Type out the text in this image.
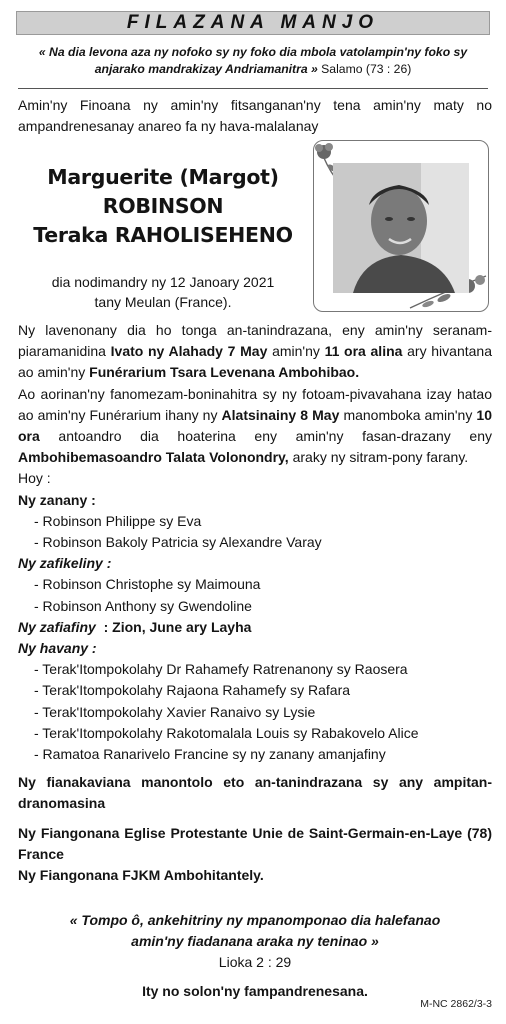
FILAZANA MANJO
« Na dia levona aza ny nofoko sy ny foko dia mbola vatolampin'ny foko sy anjarako mandrakizay Andriamanitra » Salamo (73 : 26)
Amin'ny Finoana ny amin'ny fitsanganan'ny tena amin'ny maty no ampandrenesanay anareo fa ny hava-malalanay
Marguerite (Margot)
ROBINSON
Teraka RAHOLISEHENO
dia nodimandry ny 12 Janoary 2021
tany Meulan (France).

Ny lavenonany dia ho tonga an-tanindrazana, eny amin'ny seranam-piaramanidina Ivato ny Alahady 7 May amin'ny 11 ora alina ary hivantana ao amin'ny Funérarium Tsara Levenana Ambohibao.

Ao aorinan'ny fanomezam-boninahitra sy ny fotoam-pivavahana izay hatao ao amin'ny Funérarium ihany ny Alatsinainy 8 May manomboka amin'ny 10 ora antoandro dia hoaterina eny amin'ny fasan-drazany eny Ambohibemasoandro Talata Volonondry, araky ny sitram-pony farany.

Hoy :

Ny zanany :

- Robinson Philippe sy Eva

- Robinson Bakoly Patricia sy Alexandre Varay

Ny zafikeliny :

- Robinson Christophe sy Maimouna

- Robinson Anthony sy Gwendoline

Ny zafiafiny  : Zion, June ary Layha

Ny havany :

- Terak'Itompokolahy Dr Rahamefy Ratrenanony sy Raosera

- Terak'Itompokolahy Rajaona Rahamefy sy Rafara

- Terak'Itompokolahy Xavier Ranaivo sy Lysie

- Terak'Itompokolahy Rakotomalala Louis sy Rabakovelo Alice

- Ramatoa Ranarivelo Francine sy ny zanany amanjafiny

Ny fianakaviana manontolo eto an-tanindrazana sy any ampitan-dranomasina

Ny Fiangonana Eglise Protestante Unie de Saint-Germain-en-Laye (78) France

Ny Fiangonana FJKM Ambohitantely.

« Tompo ô, ankehitriny ny mpanomponao dia halefanao
amin'ny fiadanana araka ny teninao »
Lioka 2 : 29
Ity no solon'ny fampandrenesana.
M-NC 2862/3-3
